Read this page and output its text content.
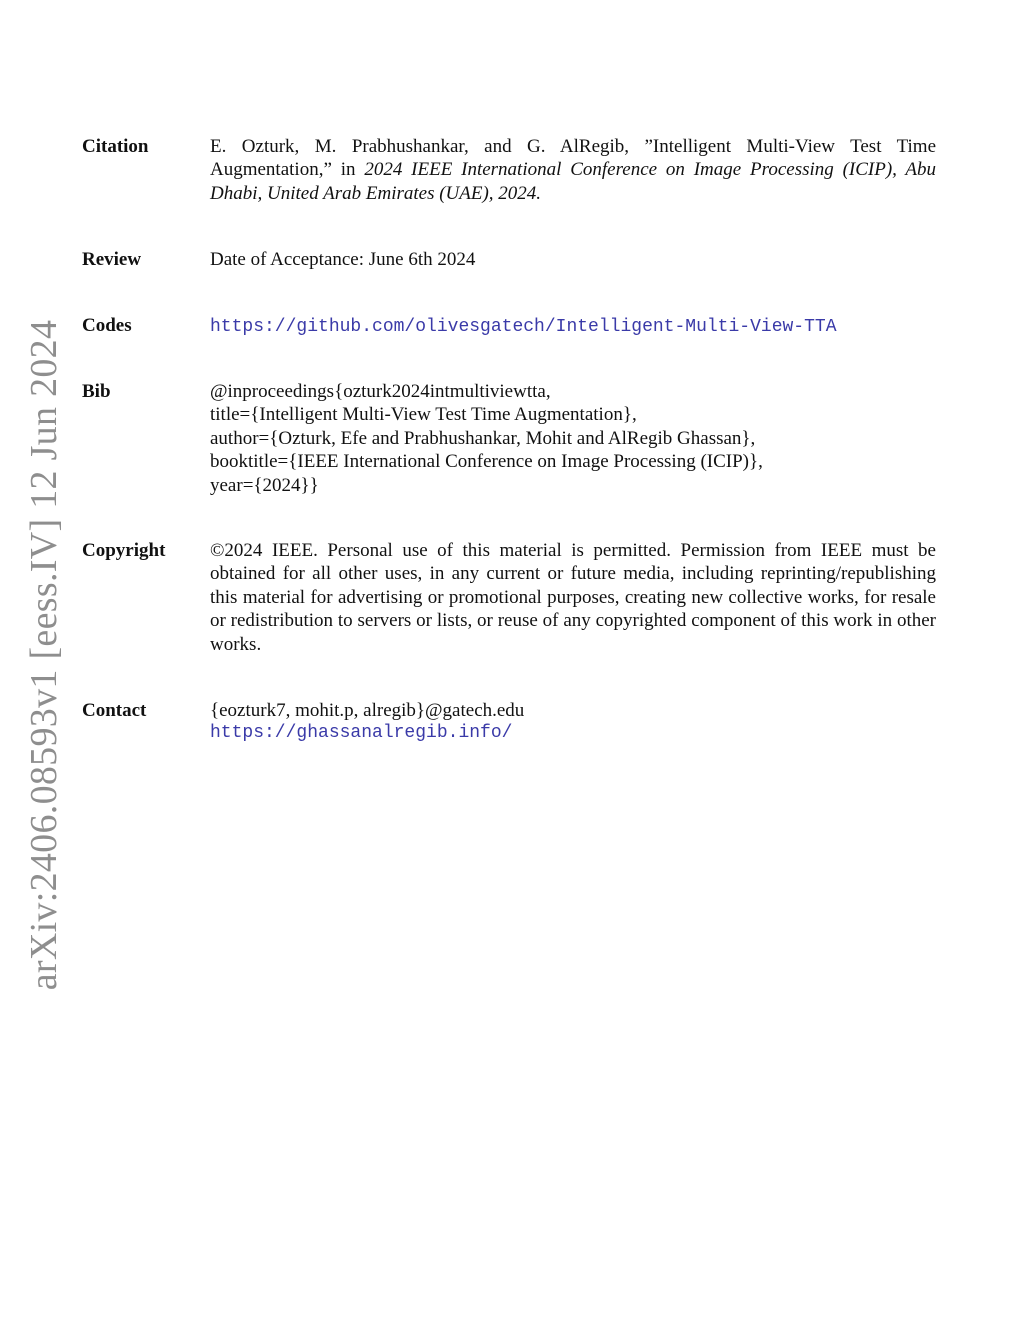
arXiv:2406.08593v1 [eess.IV] 12 Jun 2024
Citation	E. Ozturk, M. Prabhushankar, and G. AlRegib, ”Intelligent Multi-View Test Time Augmentation,” in 2024 IEEE International Conference on Image Processing (ICIP), Abu Dhabi, United Arab Emirates (UAE), 2024.
Review	Date of Acceptance: June 6th 2024
Codes	https://github.com/olivesgatech/Intelligent-Multi-View-TTA
Bib	@inproceedings{ozturk2024intmultiviewtta,
title={Intelligent Multi-View Test Time Augmentation},
author={Ozturk, Efe and Prabhushankar, Mohit and AlRegib Ghassan},
booktitle={IEEE International Conference on Image Processing (ICIP)},
year={2024}}
Copyright ©2024 IEEE. Personal use of this material is permitted. Permission from IEEE must be obtained for all other uses, in any current or future media, including reprinting/republishing this material for advertising or promotional purposes, creating new collective works, for resale or redistribution to servers or lists, or reuse of any copyrighted component of this work in other works.
Contact	{eozturk7, mohit.p, alregib}@gatech.edu
https://ghassanalregib.info/
